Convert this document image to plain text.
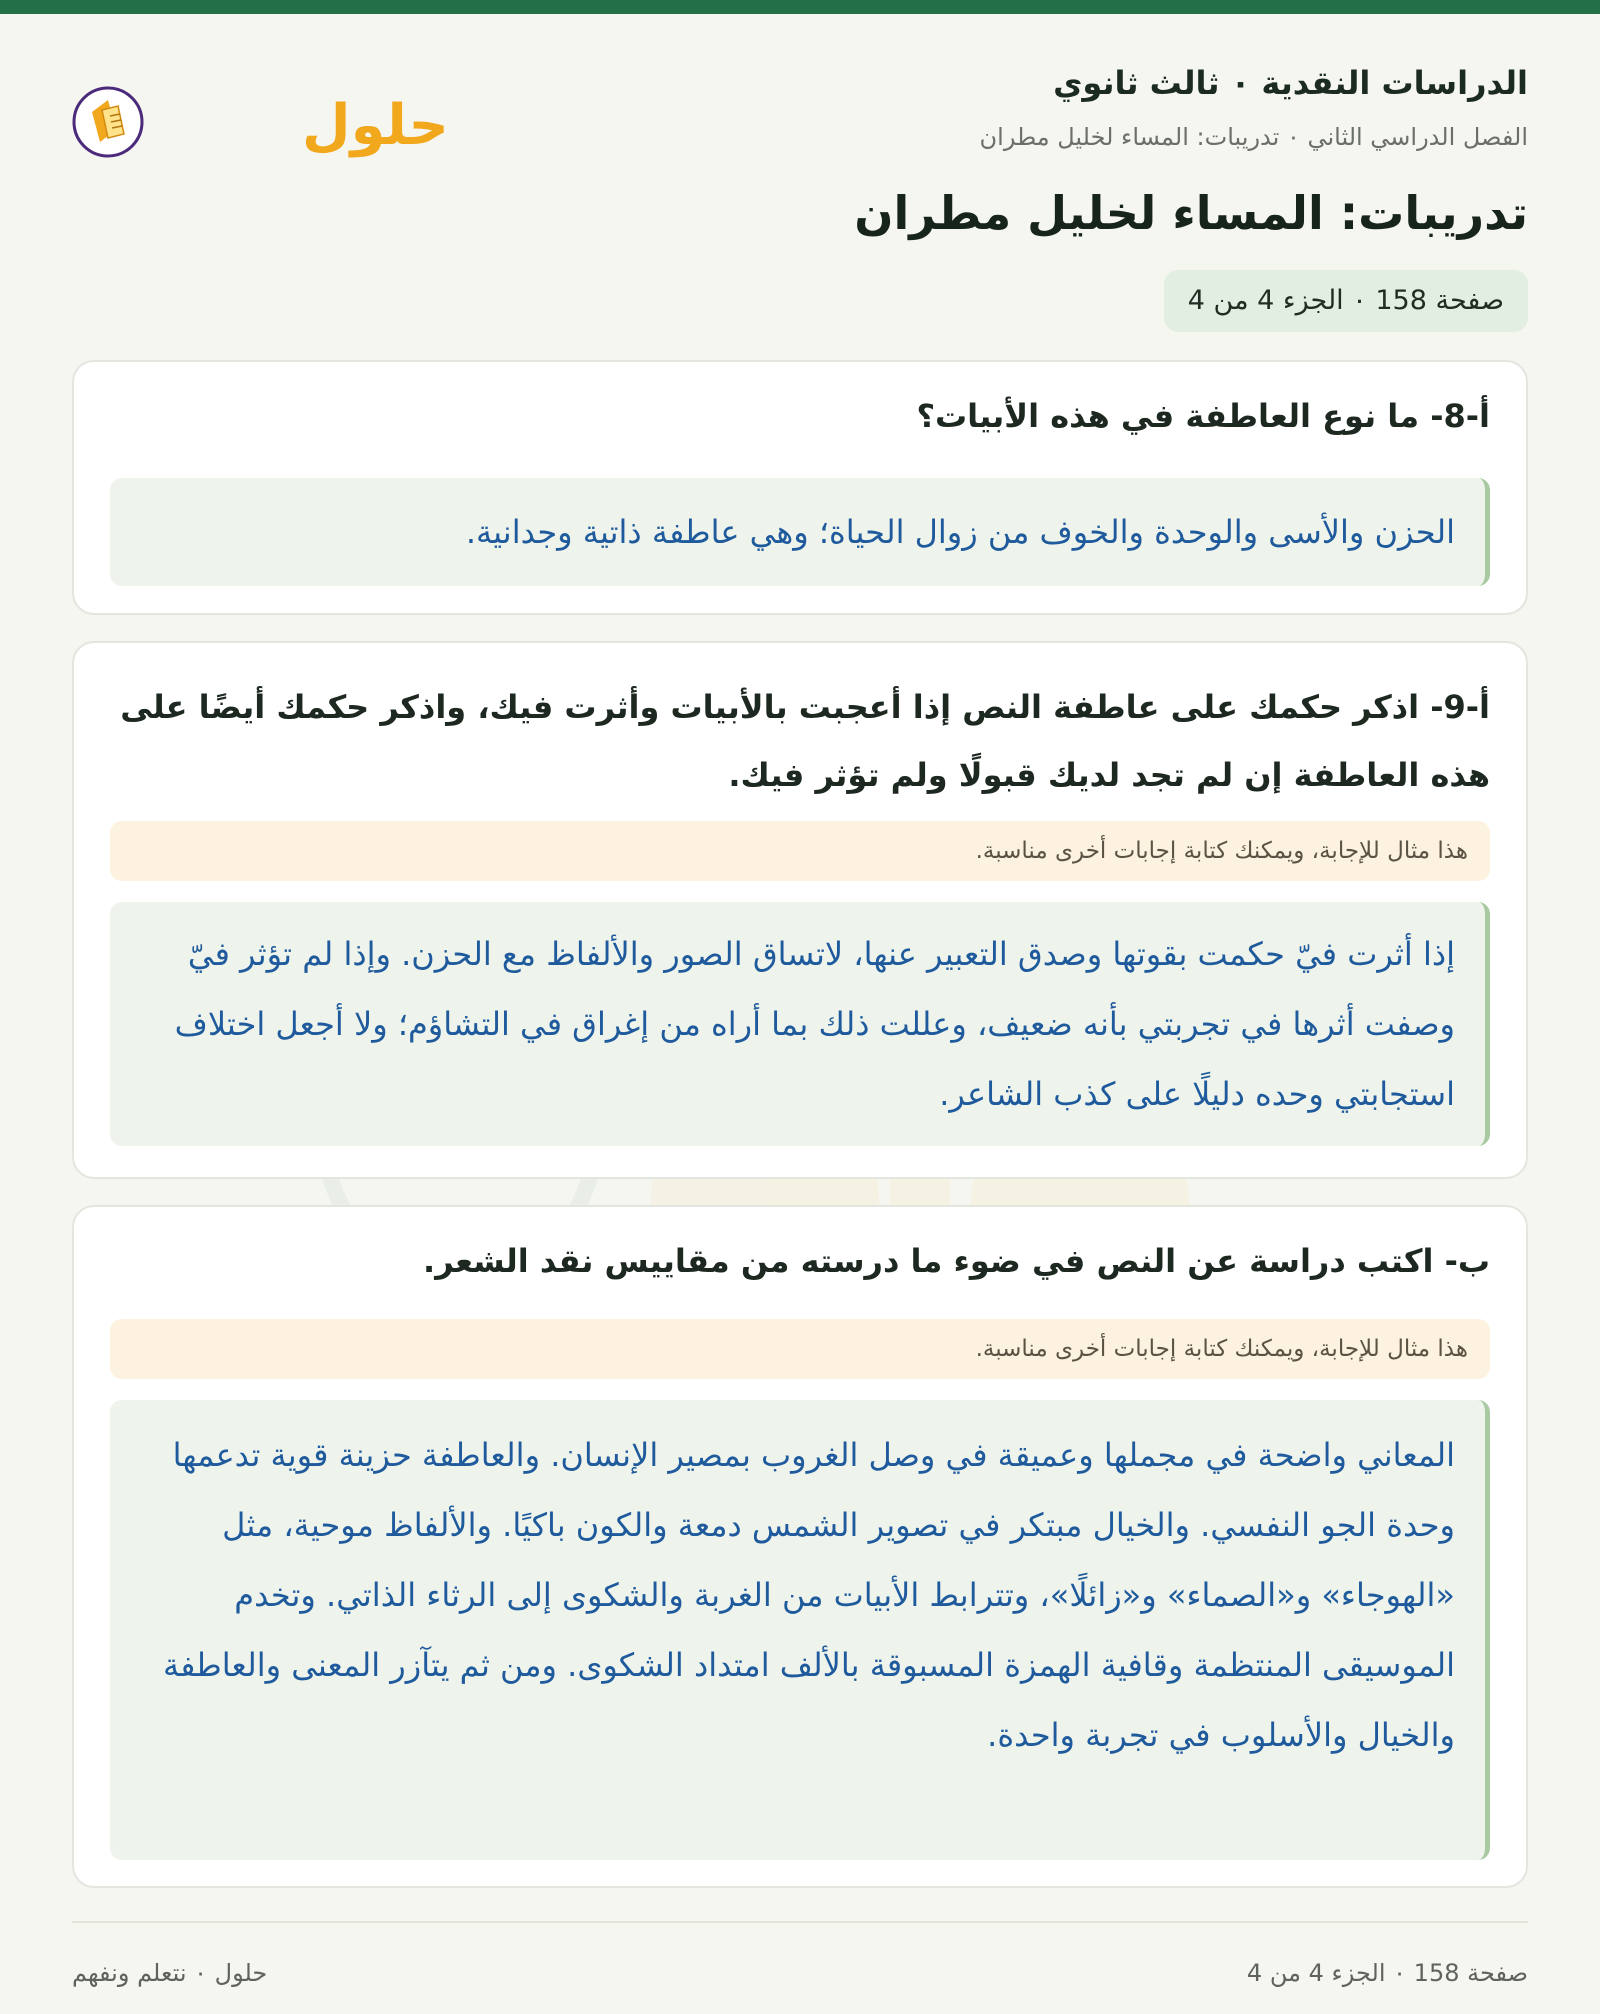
الدراسات النقدية ٠ ثالث ثانوي
الفصل الدراسي الثاني ٠ تدريبات: المساء لخليل مطران
تدريبات: المساء لخليل مطران
صفحة 158 ٠ الجزء 4 من 4
حلول
أ-8- ما نوع العاطفة في هذه الأبيات؟
الحزن والأسى والوحدة والخوف من زوال الحياة؛ وهي عاطفة ذاتية وجدانية.
أ-9- اذكر حكمك على عاطفة النص إذا أعجبت بالأبيات وأثرت فيك، واذكر حكمك أيضًا على هذه العاطفة إن لم تجد لديك قبولًا ولم تؤثر فيك.
هذا مثال للإجابة، ويمكنك كتابة إجابات أخرى مناسبة.
إذا أثرت فيّ حكمت بقوتها وصدق التعبير عنها، لاتساق الصور والألفاظ مع الحزن. وإذا لم تؤثر فيّ وصفت أثرها في تجربتي بأنه ضعيف، وعللت ذلك بما أراه من إغراق في التشاؤم؛ ولا أجعل اختلاف استجابتي وحده دليلًا على كذب الشاعر.
ب- اكتب دراسة عن النص في ضوء ما درسته من مقاييس نقد الشعر.
هذا مثال للإجابة، ويمكنك كتابة إجابات أخرى مناسبة.
المعاني واضحة في مجملها وعميقة في وصل الغروب بمصير الإنسان. والعاطفة حزينة قوية تدعمها وحدة الجو النفسي. والخيال مبتكر في تصوير الشمس دمعة والكون باكيًا. والألفاظ موحية، مثل «الهوجاء» و«الصماء» و«زائلًا»، وتترابط الأبيات من الغربة والشكوى إلى الرثاء الذاتي. وتخدم الموسيقى المنتظمة وقافية الهمزة المسبوقة بالألف امتداد الشكوى. ومن ثم يتآزر المعنى والعاطفة والخيال والأسلوب في تجربة واحدة.
صفحة 158 ٠ الجزء 4 من 4
حلول ٠ نتعلم ونفهم
